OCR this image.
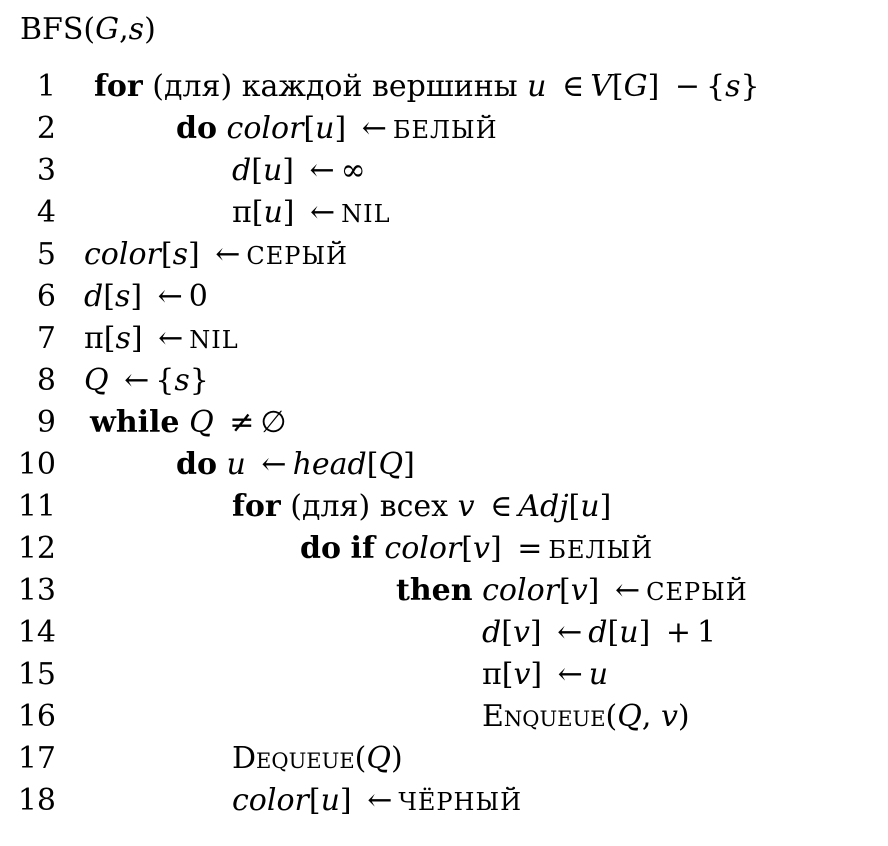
BFS(G,s)
1 for (для) каждой вершины u ∈ V[G] − {s}
2	do color[u] ← БЕЛЫЙ
3	d[u] ← ∞
4	π[u] ← NIL
5 color[s] ← СЕРЫЙ
6 d[s] ← 0
7 π[s] ← NIL
8 Q ← {s}
9 while Q ≠ ∅
10	do u ← head[Q]
11	for (для) всех v ∈ Adj[u]
12	do if color[v] = БЕЛЫЙ
13	then color[v] ← СЕРЫЙ
14	d[v] ← d[u] + 1
15	π[v] ← u
16	Enqueue(Q, v)
17	Dequeue(Q)
18	color[u] ← ЧЁРНЫЙ
